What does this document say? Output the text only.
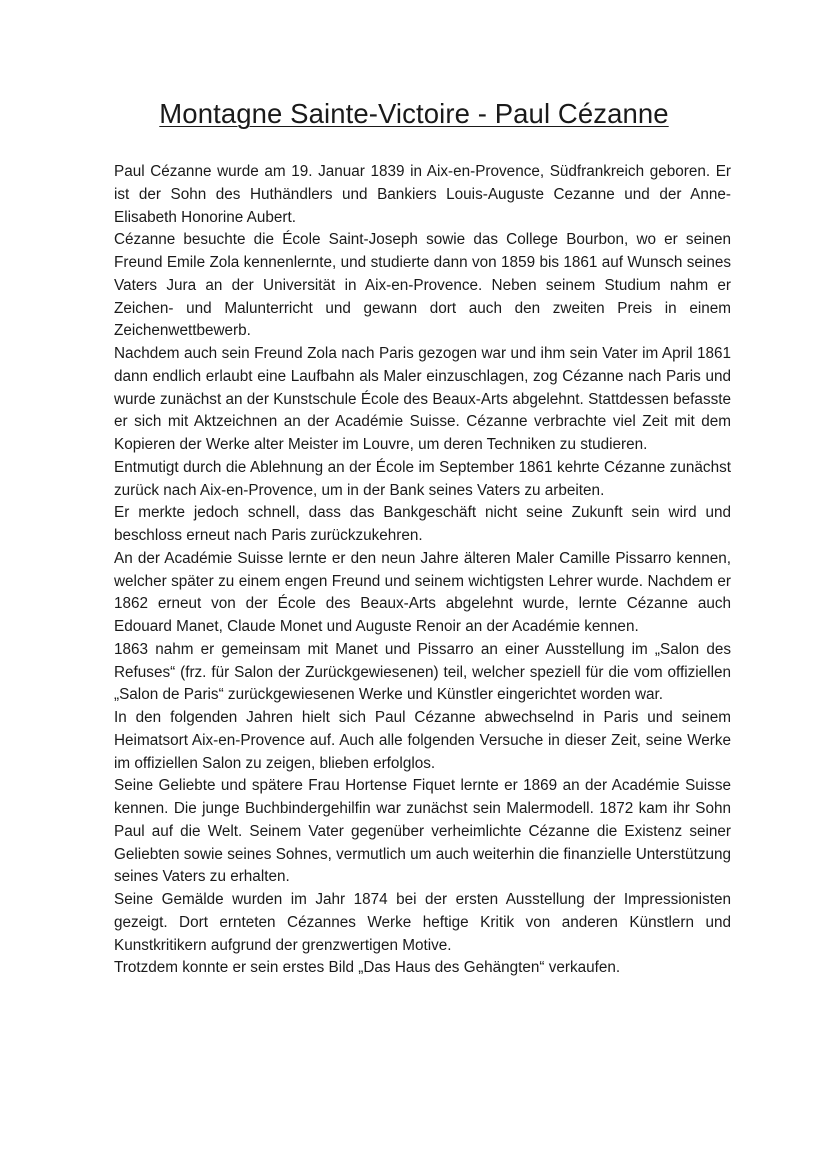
Montagne Sainte-Victoire - Paul Cézanne

Paul Cézanne wurde am 19. Januar 1839 in Aix-en-Provence, Südfrankreich geboren. Er ist der Sohn des Huthändlers und Bankiers Louis-Auguste Cezanne und der Anne-Elisabeth Honorine Aubert.

Cézanne besuchte die École Saint-Joseph sowie das College Bourbon, wo er seinen Freund Emile Zola kennenlernte, und studierte dann von 1859 bis 1861 auf Wunsch seines Vaters Jura an der Universität in Aix-en-Provence. Neben seinem Studium nahm er Zeichen- und Malunterricht und gewann dort auch den zweiten Preis in einem Zeichenwettbewerb.

Nachdem auch sein Freund Zola nach Paris gezogen war und ihm sein Vater im April 1861 dann endlich erlaubt eine Laufbahn als Maler einzuschlagen, zog Cézanne nach Paris und wurde zunächst an der Kunstschule École des Beaux-Arts abgelehnt. Stattdessen befasste er sich mit Aktzeichnen an der Académie Suisse. Cézanne verbrachte viel Zeit mit dem Kopieren der Werke alter Meister im Louvre, um deren Techniken zu studieren.

Entmutigt durch die Ablehnung an der École im September 1861 kehrte Cézanne zunächst zurück nach Aix-en-Provence, um in der Bank seines Vaters zu arbeiten.

Er merkte jedoch schnell, dass das Bankgeschäft nicht seine Zukunft sein wird und beschloss erneut nach Paris zurückzukehren.

An der Académie Suisse lernte er den neun Jahre älteren Maler Camille Pissarro kennen, welcher später zu einem engen Freund und seinem wichtigsten Lehrer wurde. Nachdem er 1862 erneut von der École des Beaux-Arts abgelehnt wurde, lernte Cézanne auch Edouard Manet, Claude Monet und Auguste Renoir an der Académie kennen.

1863 nahm er gemeinsam mit Manet und Pissarro an einer Ausstellung im „Salon des Refuses“ (frz. für Salon der Zurückgewiesenen) teil, welcher speziell für die vom offiziellen „Salon de Paris“ zurückgewiesenen Werke und Künstler eingerichtet worden war.

In den folgenden Jahren hielt sich Paul Cézanne abwechselnd in Paris und seinem Heimatsort Aix-en-Provence auf. Auch alle folgenden Versuche in dieser Zeit, seine Werke im offiziellen Salon zu zeigen, blieben erfolglos.

Seine Geliebte und spätere Frau Hortense Fiquet lernte er 1869 an der Académie Suisse kennen. Die junge Buchbindergehilfin war zunächst sein Malermodell. 1872 kam ihr Sohn Paul auf die Welt. Seinem Vater gegenüber verheimlichte Cézanne die Existenz seiner Geliebten sowie seines Sohnes, vermutlich um auch weiterhin die finanzielle Unterstützung seines Vaters zu erhalten.

Seine Gemälde wurden im Jahr 1874 bei der ersten Ausstellung der Impressionisten gezeigt. Dort ernteten Cézannes Werke heftige Kritik von anderen Künstlern und Kunstkritikern aufgrund der grenzwertigen Motive.

Trotzdem konnte er sein erstes Bild „Das Haus des Gehängten“ verkaufen.
